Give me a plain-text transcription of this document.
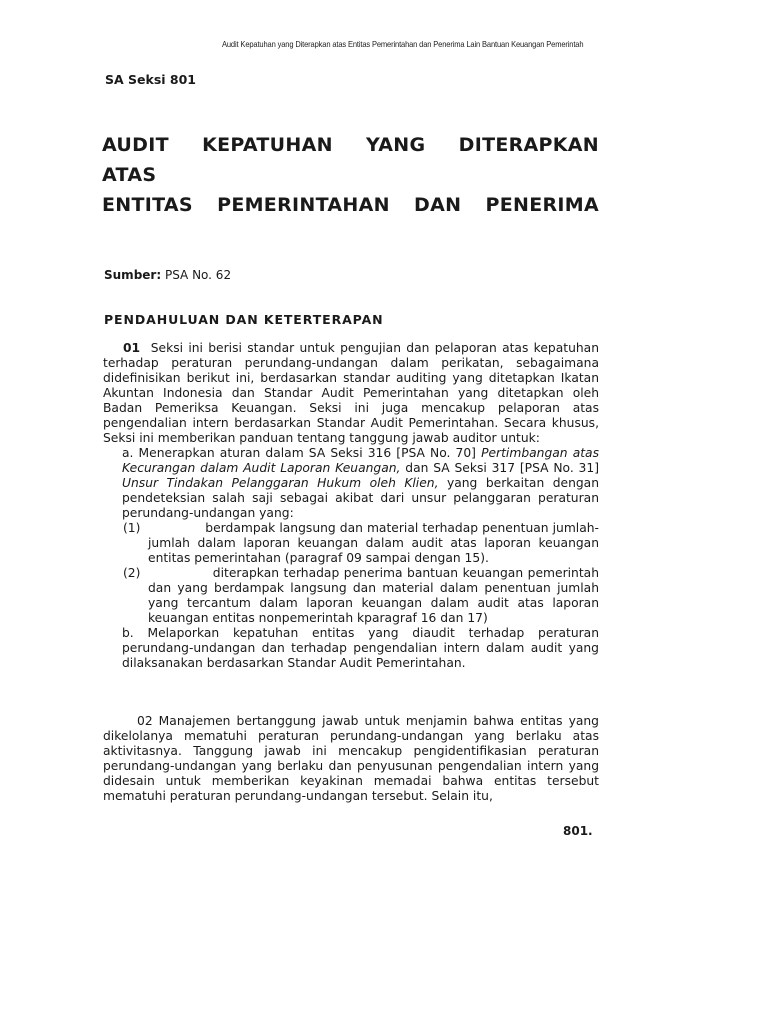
Audit Kepatuhan yang Diterapkan atas Entitas Pemerintahan dan Penerima Lain Bantuan Keuangan Pemerintah
SA Seksi 801
AUDIT KEPATUHAN YANG DITERAPKAN
ATAS
ENTITAS PEMERINTAHAN DAN PENERIMA
Sumber: PSA No. 62
PENDAHULUAN DAN KETERTERAPAN

01 Seksi ini berisi standar untuk pengujian dan pelaporan atas kepatuhan terhadap peraturan perundang-undangan dalam perikatan, sebagaimana didefinisikan berikut ini, berdasarkan standar auditing yang ditetapkan Ikatan Akuntan Indonesia dan Standar Audit Pemerintahan yang ditetapkan oleh Badan Pemeriksa Keuangan. Seksi ini juga mencakup pelaporan atas pengendalian intern berdasarkan Standar Audit Pemerintahan. Secara khusus, Seksi ini memberikan panduan tentang tanggung jawab auditor untuk:

a. Menerapkan aturan dalam SA Seksi 316 [PSA No. 70] Pertimbangan atas Kecurangan dalam Audit Laporan Keuangan, dan SA Seksi 317 [PSA No. 31] Unsur Tindakan Pelanggaran Hukum oleh Klien, yang berkaitan dengan pendeteksian salah saji sebagai akibat dari unsur pelanggaran peraturan perundang-undangan yang:

(1)                berdampak langsung dan material terhadap penentuan jumlah-jumlah dalam laporan keuangan dalam audit atas laporan keuangan entitas pemerintahan (paragraf 09 sampai dengan 15).

(2)                diterapkan terhadap penerima bantuan keuangan pemerintah dan yang berdampak langsung dan material dalam penentuan jumlah yang tercantum dalam laporan keuangan dalam audit atas laporan keuangan entitas nonpemerintah kparagraf 16 dan 17)

b. Melaporkan kepatuhan entitas yang diaudit terhadap peraturan perundang-undangan dan terhadap pengendalian intern dalam audit yang dilaksanakan berdasarkan Standar Audit Pemerintahan.

02 Manajemen bertanggung jawab untuk menjamin bahwa entitas yang dikelolanya mematuhi peraturan perundang-undangan yang berlaku atas aktivitasnya. Tanggung jawab ini mencakup pengidentifikasian peraturan perundang-undangan yang berlaku dan penyusunan pengendalian intern yang didesain untuk memberikan keyakinan memadai bahwa entitas tersebut mematuhi peraturan perundang-undangan tersebut. Selain itu,

801.
